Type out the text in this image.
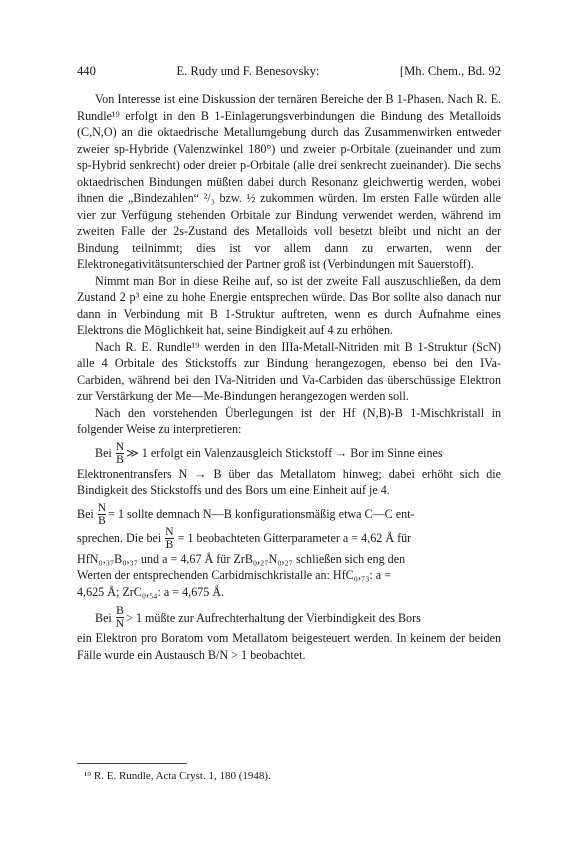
440	E. Rudy und F. Benesovsky:	[Mh. Chem., Bd. 92

Von Interesse ist eine Diskussion der ternären Bereiche der B 1-Phasen. Nach R. E. Rundle¹⁹ erfolgt in den B 1-Einlagerungsverbindungen die Bindung des Metalloids (C,N,O) an die oktaedrische Metallumgebung durch das Zusammenwirken entweder zweier sp-Hybride (Valenzwinkel 180°) und zweier p-Orbitale (zueinander und zum sp-Hybrid senkrecht) oder dreier p-Orbitale (alle drei senkrecht zueinander). Die sechs oktaedrischen Bindungen müßten dabei durch Resonanz gleichwertig werden, wobei ihnen die „Bindezahlen“ ²/₃ bzw. ½ zukommen würden. Im ersten Falle würden alle vier zur Verfügung stehenden Orbitale zur Bindung verwendet werden, während im zweiten Falle der 2s-Zustand des Metalloids voll besetzt bleibt und nicht an der Bindung teilnimmt; dies ist vor allem dann zu erwarten, wenn der Elektronegativitätsunterschied der Partner groß ist (Verbindungen mit Sauerstoff).

Nimmt man Bor in diese Reihe auf, so ist der zweite Fall auszuschließen, da dem Zustand 2 p³ eine zu hohe Energie entsprechen würde. Das Bor sollte also danach nur dann in Verbindung mit B 1-Struktur auftreten, wenn es durch Aufnahme eines Elektrons die Möglichkeit hat, seine Bindigkeit auf 4 zu erhöhen.

Nach R. E. Rundle¹⁹ werden in den IIIa-Metall-Nitriden mit B 1-Struktur (ScN) alle 4 Orbitale des Stickstoffs zur Bindung herangezogen, ebenso bei den IVa-Carbiden, während bei den IVa-Nitriden und Va-Carbiden das überschüssige Elektron zur Verstärkung der Me—Me-Bindungen herangezogen werden soll.

Nach den vorstehenden Überlegungen ist der Hf (N,B)-B 1-Mischkristall in folgender Weise zu interpretieren:

Bei $\frac{N}{B}$ ≫ 1 erfolgt ein Valenzausgleich Stickstoff → Bor im Sinne eines

Elektronentransfers N → B über das Metallatom hinweg; dabei erhöht sich die Bindigkeit des Stickstoffs und des Bors um eine Einheit auf je 4.

Bei $\frac{N}{B} = 1$ sollte demnach N—B konfigurationsmäßig etwa C—C ent-
sprechen. Die bei $\frac{N}{B} = 1$ beobachteten Gitterparameter a = 4,62 Å für

HfN₀,₃₇B₀,₃₇ und a = 4,67 Å für ZrB₀,₂₇N₀,₂₇ schließen sich eng den

Werten der entsprechenden Carbidmischkristalle an: HfC₀,₇₃: a =

4,625 Å; ZrC₀,₅₄: a = 4,675 Å.

Bei $\frac{B}{N} > 1$ müßte zur Aufrechterhaltung der Vierbindigkeit des Bors

ein Elektron pro Boratom vom Metallatom beigesteuert werden. In keinem der beiden Fälle wurde ein Austausch B/N > 1 beobachtet.

¹⁹ R. E. Rundle, Acta Cryst. 1, 180 (1948).
